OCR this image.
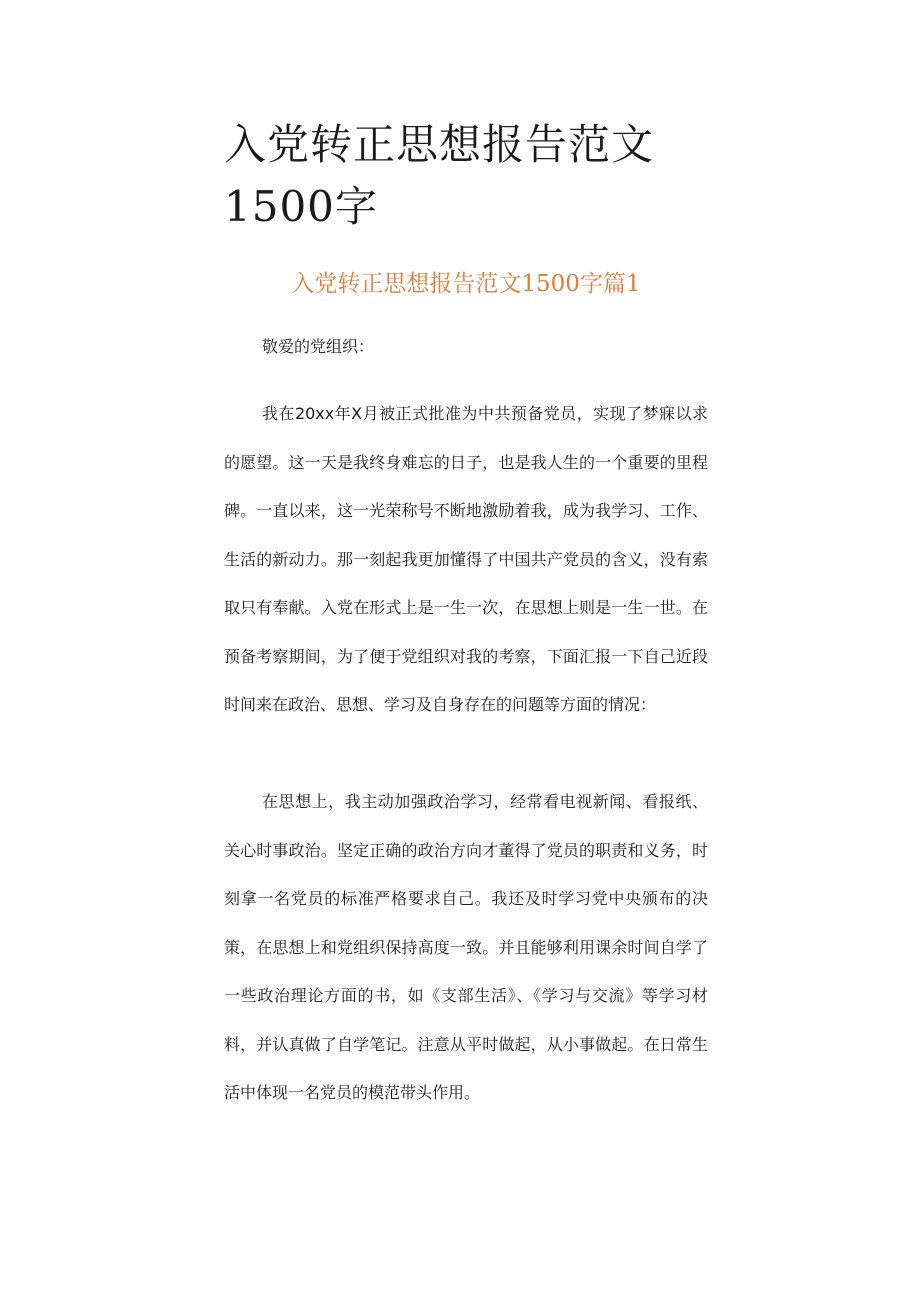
入党转正思想报告范文1500字
入党转正思想报告范文1500字篇1

敬爱的党组织：

我在20xx年X月被正式批准为中共预备党员，实现了梦寐以求的愿望。这一天是我终身难忘的日子，也是我人生的一个重要的里程碑。一直以来，这一光荣称号不断地激励着我，成为我学习、工作、生活的新动力。那一刻起我更加懂得了中国共产党员的含义，没有索取只有奉献。入党在形式上是一生一次，在思想上则是一生一世。在预备考察期间，为了便于党组织对我的考察，下面汇报一下自己近段时间来在政治、思想、学习及自身存在的问题等方面的情况：

在思想上，我主动加强政治学习，经常看电视新闻、看报纸、关心时事政治。坚定正确的政治方向才董得了党员的职责和义务，时刻拿一名党员的标准严格要求自己。我还及时学习党中央颁布的决策，在思想上和党组织保持高度一致。并且能够利用课余时间自学了一些政治理论方面的书，如《支部生活》、《学习与交流》等学习材料，并认真做了自学笔记。注意从平时做起，从小事做起。在日常生活中体现一名党员的模范带头作用。
